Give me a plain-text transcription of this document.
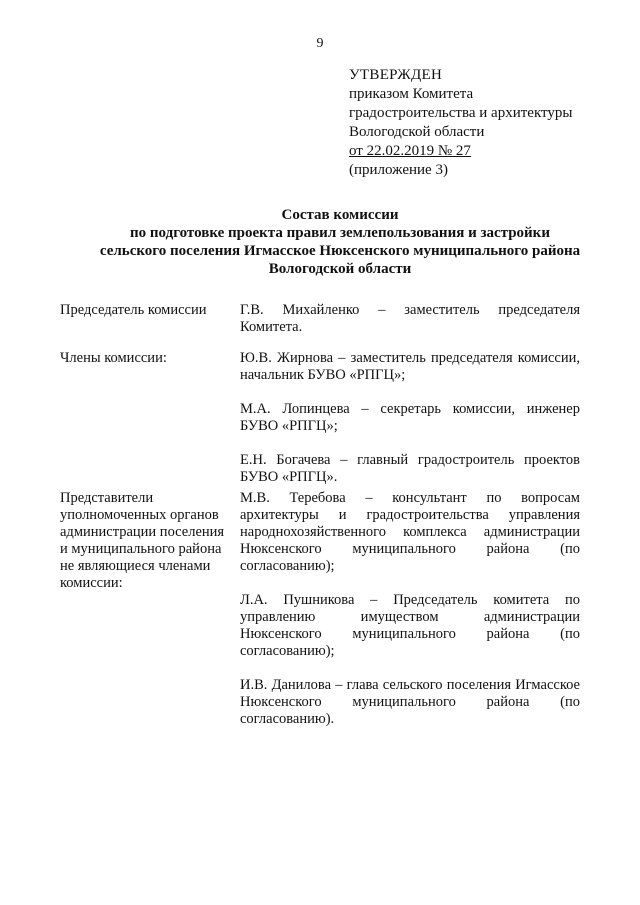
9
УТВЕРЖДЕН
приказом Комитета
градостроительства и архитектуры
Вологодской области
от 22.02.2019 № 27
(приложение 3)
Состав комиссии
по подготовке проекта правил землепользования и застройки
сельского поселения Игмасское Нюксенского муниципального района
Вологодской области
Председатель комиссии	Г.В. Михайленко – заместитель председателя Комитета.
Члены комиссии:	Ю.В. Жирнова – заместитель председателя комиссии, начальник БУВО «РПГЦ»;
М.А. Лопинцева – секретарь комиссии, инженер БУВО «РПГЦ»;
Е.Н. Богачева – главный градостроитель проектов БУВО «РПГЦ».
Представители уполномоченных органов администрации поселения и муниципального района не являющиеся членами комиссии:
М.В. Теребова – консультант по вопросам архитектуры и градостроительства управления народнохозяйственного комплекса администрации Нюксенского муниципального района (по согласованию);
Л.А. Пушникова – Председатель комитета по управлению имуществом администрации Нюксенского муниципального района (по согласованию);
И.В. Данилова – глава сельского поселения Игмасское Нюксенского муниципального района (по согласованию).
